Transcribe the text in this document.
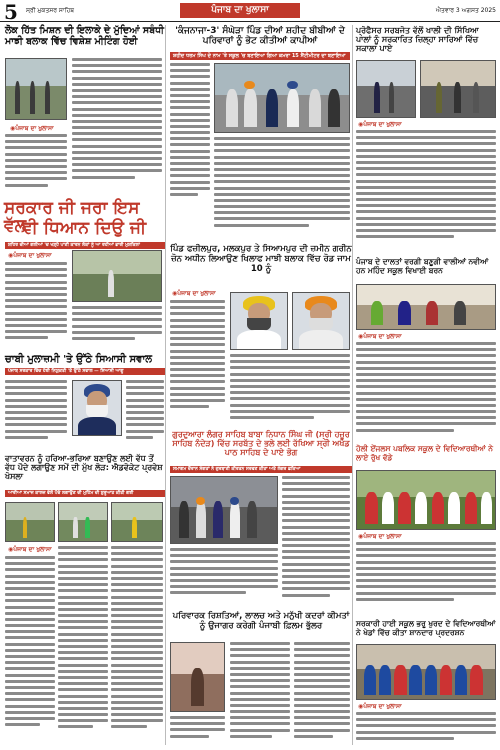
5 ਸ੍ਰੀ ਮੁਕਤਸਰ ਸਾਹਿਬ	ਪੰਜਾਬ ਦਾ ਖੁਲਾਸਾ	ਐਤਵਾਰ 3 ਅਗਸਤ 2025
ਲੋਕ ਹਿੱਤ ਮਿਸ਼ਨ ਦੀ ਇਲਾਕੇ ਦੇ ਮੁੱਦਿਆਂ ਸਬੰਧੀ ਮਾਝੀ ਬਲਾਕ ਵਿੱਚ ਵਿਸ਼ੇਸ਼ ਮੀਟਿੰਗ ਹੋਈ
◉ ਪੰਜਾਬ ਦਾ ਖੁਲਾਸਾ
'ਕੰਜਨਾਜਾ-3' ਸੰਘੇੜਾ ਪਿੰਡ ਦੀਆਂ ਸ਼ਹੀਦ ਬੀਬੀਆਂ ਦੇ ਪਰਿਵਾਰਾਂ ਨੂੰ ਭੇਟ ਕੀਤੀਆਂ ਕਾਪੀਆਂ
ਸ਼ਹੀਦ ਧਰਮ ਸਿੰਘ ਦੇ ਨਾਮ 'ਤੇ ਸਕੂਲ 'ਚ ਬਣਾਇਆ ਗਿਆ ਕਮਰਾ 15 ਸੈਂਟੀਮੀਟਰ ਦਾ ਬਣਾਇਆ
ਪ੍ਰੋਫੈਸਰ ਸਰਬਜੋਤ ਵੱਲੋਂ ਖਾਲੀ ਦੀ ਸਿੱਖਿਆ ਪਾਲਾਂ ਨੂੰ ਸਰਕਾਰਿਤ ਜ਼ਿਲ੍ਹਾ ਸਾਰਿਆਂ ਵਿੱਚ ਸਕਾਲਾ ਪਾਏ
◉ ਪੰਜਾਬ ਦਾ ਖੁਲਾਸਾ
ਸਰਕਾਰ ਜੀ ਜਰਾ ਇਸ ਵੱਲ
ਵੀ ਧਿਆਨ ਦਿਉ ਜੀ
ਸ਼ਹਿਰ ਦੀਆਂ ਗਲੀਆਂ 'ਚ ਖੜ੍ਹੇ ਪਾਣੀ ਕਾਰਨ ਲੋਕਾਂ ਨੂੰ ਆ ਰਹੀਆਂ ਭਾਰੀ ਮੁਸ਼ਕਿਲਾਂ
◉ ਪੰਜਾਬ ਦਾ ਖੁਲਾਸਾ
ਪਿੰਡ ਫਜ਼ੀਲਪੁਰ, ਮਲਕਪੁਰ ਤੇ ਸਿਆਮਪੁਰ ਦੀ ਜ਼ਮੀਨ ਗਰੀਨ ਜ਼ੋਨ ਅਧੀਨ ਲਿਆਉਣ ਖਿਲਾਫ ਮਾਝੀ ਬਲਾਕ ਵਿੱਚ ਰੋਡ ਜਾਮ 10 ਨੂੰ
◉ ਪੰਜਾਬ ਦਾ ਖੁਲਾਸਾ
ਪੰਜਾਬ ਦੇ ਦਾਲਤਾਂ ਵਰਗੀ ਬਣੂਗੀ ਵਾਲੀਆਂ ਨਵੀਆਂ ਹਨ ਮਹਿੰਦ ਸਕੂਲ ਵਿਖਾਈ ਬਰਨ
◉ ਪੰਜਾਬ ਦਾ ਖੁਲਾਸਾ
ਚਾਬੀ ਮੁਲਾਜ਼ਮੀ 'ਤੇ ਉੱਠੇ ਸਿਆਸੀ ਸਵਾਲ
ਪੰਜਾਬ ਸਰਕਾਰ ਵਿੱਚ ਹੋਈ ਨਿਯੁਕਤੀ 'ਤੇ ਉੱਠੇ ਸਵਾਲ — ਸਿਆਸੀ ਆਗੂ
ਗੁਰਦੁਆਰਾ ਲੰਗਰ ਸਾਹਿਬ ਬਾਬਾ ਨਿਧਾਨ ਸਿੰਘ ਜੀ (ਸ੍ਰੀ ਹਜ਼ੂਰ ਸਾਹਿਬ ਨੰਦੇੜ) ਵਿੱਚ ਸਰਬੱਤ ਦੇ ਭਲੇ ਲਈ ਰੱਖਿਆ ਸ੍ਰੀ ਅਖੰਡ ਪਾਠ ਸਾਹਿਬ ਦੇ ਪਾਏ ਭੋਗ
ਸਮਾਗਮ ਦੌਰਾਨ ਸੰਗਤਾਂ ਨੇ ਗੁਰਬਾਣੀ ਕੀਰਤਨ ਸਰਵਣ ਕੀਤਾ ਅਤੇ ਲੰਗਰ ਛਕਿਆ
ਹੋਲੀ ਏਂਜਲਸ ਪਬਲਿਕ ਸਕੂਲ ਦੇ ਵਿਦਿਆਰਥੀਆਂ ਨੇ ਲਾਏ ਰੁੱਖ ਵੱਡੇ
◉ ਪੰਜਾਬ ਦਾ ਖੁਲਾਸਾ
ਵਾਤਾਵਰਨ ਨੂੰ ਹਰਿਆ-ਭਰਿਆ ਬਣਾਉਣ ਲਈ ਵੱਧ ਤੋਂ ਵੱਧ ਪੌਦੇ ਲਗਾਉਣ ਸਮੇਂ ਦੀ ਮੁੱਖ ਲੋੜ: ਐਡਵੋਕੇਟ ਪ੍ਰਵੇਸ਼ ਖੋਸਲਾ
ਆਰੀਆ ਸਮਾਜ ਕਾਲਜ ਵੱਲੋਂ ਪੌਦੇ ਲਗਾਉਣ ਦੀ ਮੁਹਿੰਮ ਦੀ ਸ਼ੁਰੂਆਤ ਕੀਤੀ ਗਈ
◉ ਪੰਜਾਬ ਦਾ ਖੁਲਾਸਾ
ਪਰਿਵਾਰਕ ਰਿਸ਼ਤਿਆਂ, ਲਾਲਚ ਅਤੇ ਮਨੁੱਖੀ ਕਦਰਾਂ ਕੀਮਤਾਂ ਨੂੰ ਉਜਾਗਰ ਕਰੇਗੀ ਪੰਜਾਬੀ ਫ਼ਿਲਮ ਭੁੱਲਰ	ਸਰਕਾਰੀ ਹਾਈ ਸਕੂਲ ਭਰੂ ਖੁਰਦ ਦੇ ਵਿਦਿਆਰਥੀਆਂ ਨੇ ਖੇਡਾਂ ਵਿੱਚ ਕੀਤਾ ਸ਼ਾਨਦਾਰ ਪ੍ਰਦਰਸ਼ਨ
◉ ਪੰਜਾਬ ਦਾ ਖੁਲਾਸਾ
